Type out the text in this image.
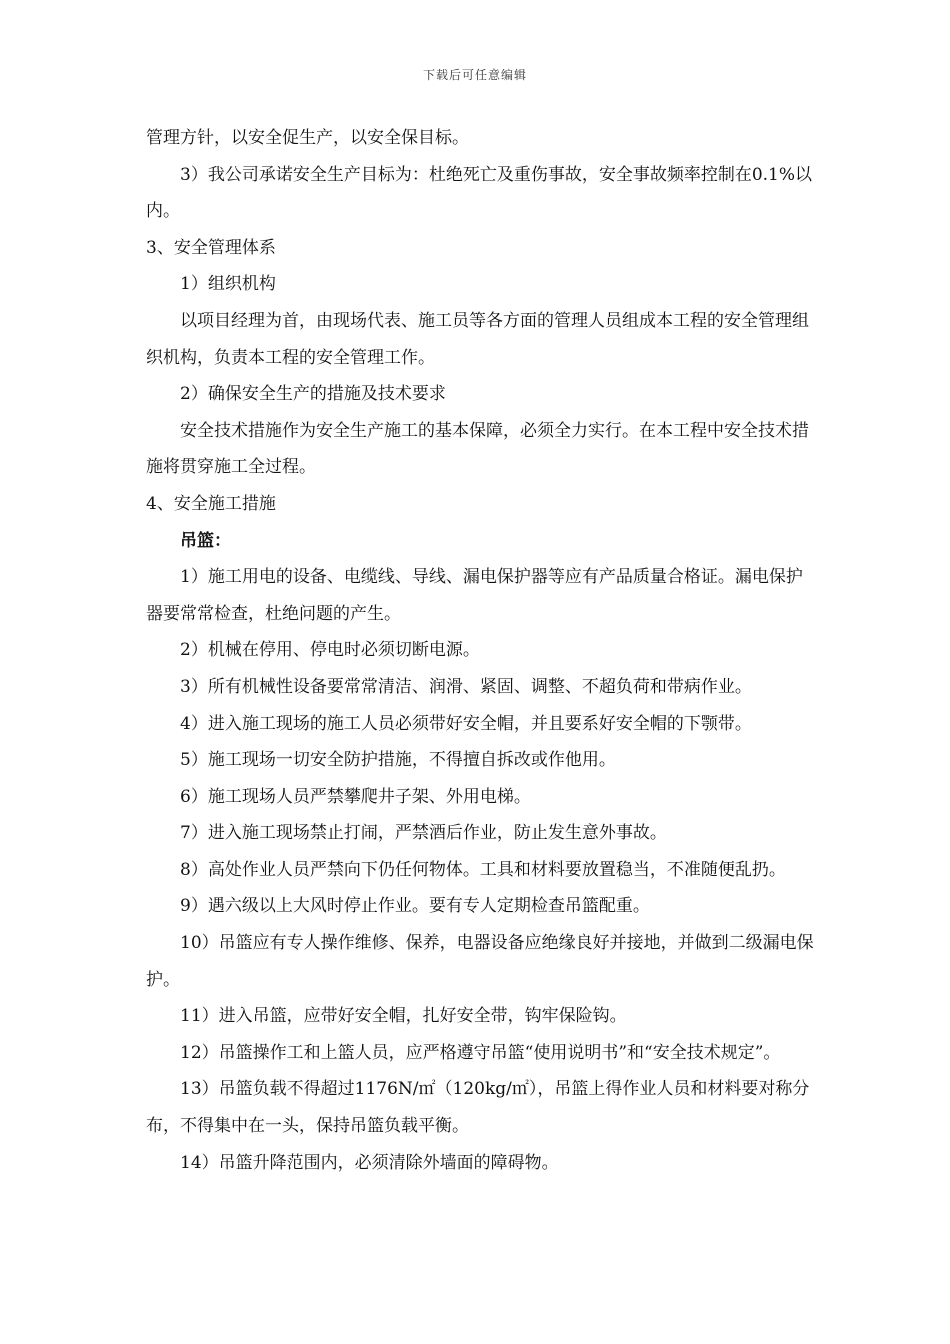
下载后可任意编辑

管理方针，以安全促生产，以安全保目标。

3）我公司承诺安全生产目标为：杜绝死亡及重伤事故，安全事故频率控制在0.1%以内。

3、安全管理体系

1）组织机构

以项目经理为首，由现场代表、施工员等各方面的管理人员组成本工程的安全管理组织机构，负责本工程的安全管理工作。

2）确保安全生产的措施及技术要求

安全技术措施作为安全生产施工的基本保障，必须全力实行。在本工程中安全技术措施将贯穿施工全过程。

4、安全施工措施

吊篮：

1）施工用电的设备、电缆线、导线、漏电保护器等应有产品质量合格证。漏电保护器要常常检查，杜绝问题的产生。

2）机械在停用、停电时必须切断电源。

3）所有机械性设备要常常清洁、润滑、紧固、调整、不超负荷和带病作业。

4）进入施工现场的施工人员必须带好安全帽，并且要系好安全帽的下颚带。

5）施工现场一切安全防护措施，不得擅自拆改或作他用。

6）施工现场人员严禁攀爬井子架、外用电梯。

7）进入施工现场禁止打闹，严禁酒后作业，防止发生意外事故。

8）高处作业人员严禁向下仍任何物体。工具和材料要放置稳当，不准随便乱扔。

9）遇六级以上大风时停止作业。要有专人定期检查吊篮配重。

10）吊篮应有专人操作维修、保养，电器设备应绝缘良好并接地，并做到二级漏电保护。

11）进入吊篮，应带好安全帽，扎好安全带，钩牢保险钩。

12）吊篮操作工和上篮人员，应严格遵守吊篮“使用说明书”和“安全技术规定”。

13）吊篮负载不得超过1176N/㎡（120kg/㎡），吊篮上得作业人员和材料要对称分布，不得集中在一头，保持吊篮负载平衡。

14）吊篮升降范围内，必须清除外墙面的障碍物。
